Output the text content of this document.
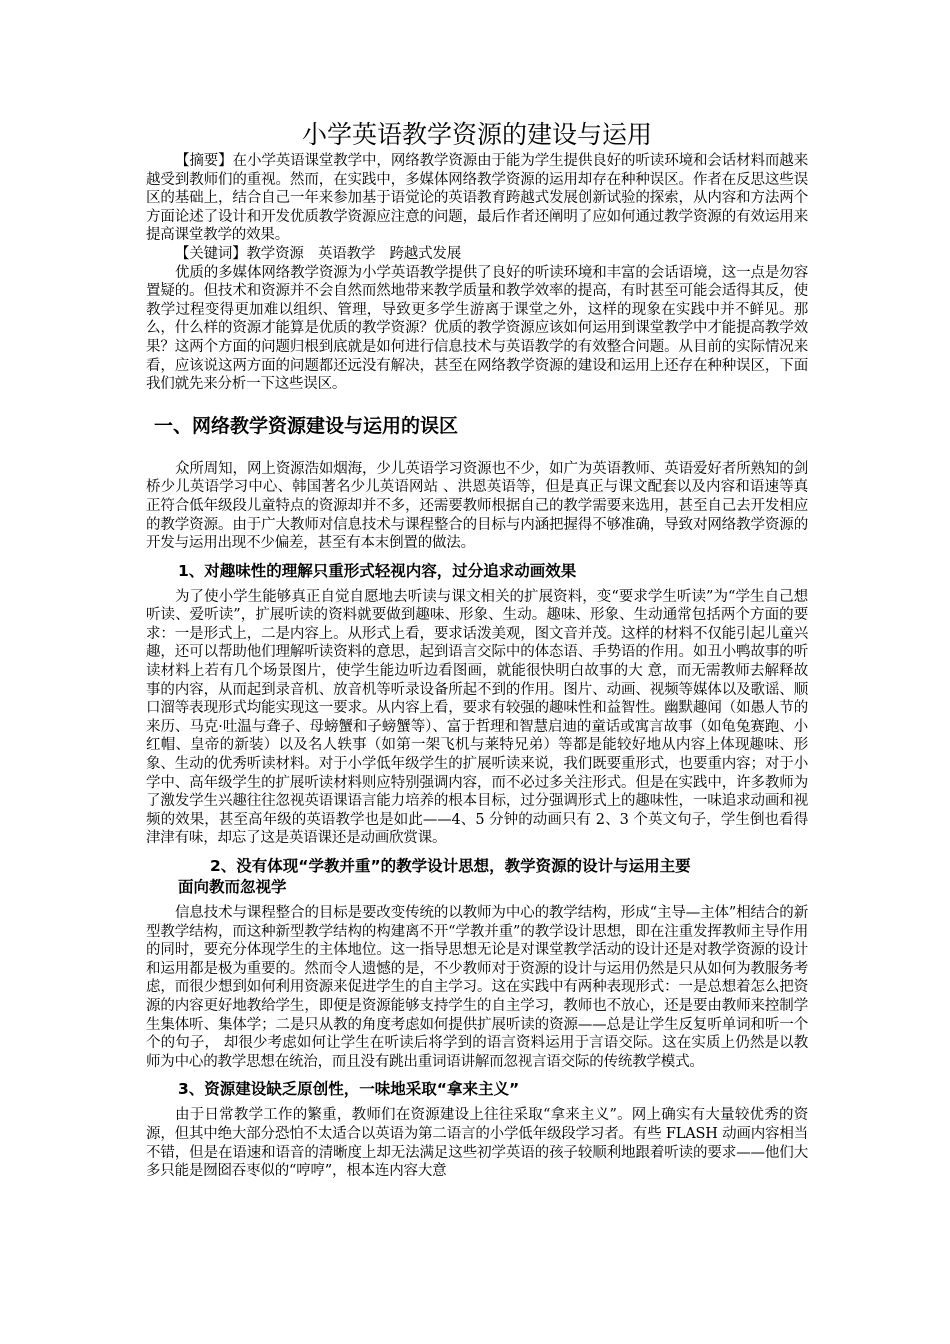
小学英语教学资源的建设与运用

【摘要】在小学英语课堂教学中，网络教学资源由于能为学生提供良好的听读环境和会话材料而越来越受到教师们的重视。然而，在实践中，多媒体网络教学资源的运用却存在种种误区。作者在反思这些误区的基础上，结合自己一年来参加基于语觉论的英语教育跨越式发展创新试验的探索，从内容和方法两个方面论述了设计和开发优质教学资源应注意的问题，最后作者还阐明了应如何通过教学资源的有效运用来提高课堂教学的效果。

【关键词】教学资源　英语教学　跨越式发展

优质的多媒体网络教学资源为小学英语教学提供了良好的听读环境和丰富的会话语境，这一点是勿容置疑的。但技术和资源并不会自然而然地带来教学质量和教学效率的提高，有时甚至可能会适得其反，使教学过程变得更加难以组织、管理，导致更多学生游离于课堂之外，这样的现象在实践中并不鲜见。那么，什么样的资源才能算是优质的教学资源？优质的教学资源应该如何运用到课堂教学中才能提高教学效果？这两个方面的问题归根到底就是如何进行信息技术与英语教学的有效整合问题。从目前的实际情况来看，应该说这两方面的问题都还远没有解决，甚至在网络教学资源的建设和运用上还存在种种误区，下面我们就先来分析一下这些误区。

一、网络教学资源建设与运用的误区

众所周知，网上资源浩如烟海，少儿英语学习资源也不少，如广为英语教师、英语爱好者所熟知的剑桥少儿英语学习中心、韩国著名少儿英语网站 、洪恩英语等，但是真正与课文配套以及内容和语速等真正符合低年级段儿童特点的资源却并不多，还需要教师根据自己的教学需要来选用，甚至自己去开发相应的教学资源。由于广大教师对信息技术与课程整合的目标与内涵把握得不够准确，导致对网络教学资源的开发与运用出现不少偏差，甚至有本末倒置的做法。

1、对趣味性的理解只重形式轻视内容，过分追求动画效果

为了使小学生能够真正自觉自愿地去听读与课文相关的扩展资料，变“要求学生听读”为“学生自己想听读、爱听读”，扩展听读的资料就要做到趣味、形象、生动。趣味、形象、生动通常包括两个方面的要求：一是形式上，二是内容上。从形式上看，要求话泼美观，图文音并茂。这样的材料不仅能引起儿童兴趣，还可以帮助他们理解听读资料的意思，起到语言交际中的体态语、手势语的作用。如丑小鸭故事的听读材料上若有几个场景图片，使学生能边听边看图画，就能很快明白故事的大 意，而无需教师去解释故事的内容，从而起到录音机、放音机等听录设备所起不到的作用。图片、动画、视频等媒体以及歌谣、顺口溜等表现形式均能实现这一要求。从内容上看，要求有较强的趣味性和益智性。幽默趣闻（如愚人节的来历、马克·吐温与聋子、母螃蟹和子螃蟹等）、富于哲理和智慧启迪的童话或寓言故事（如龟兔赛跑、小红帽、皇帝的新装）以及名人轶事（如第一架飞机与莱特兄弟）等都是能较好地从内容上体现趣味、形象、生动的优秀听读材料。对于小学低年级学生的扩展听读来说，我们既要重形式，也要重内容；对于小学中、高年级学生的扩展听读材料则应特别强调内容，而不必过多关注形式。但是在实践中，许多教师为了激发学生兴趣往往忽视英语课语言能力培养的根本目标，过分强调形式上的趣味性，一味追求动画和视频的效果，甚至高年级的英语教学也是如此——4、5 分钟的动画只有 2、3 个英文句子，学生倒也看得津津有味，却忘了这是英语课还是动画欣赏课。

2、没有体现“学教并重”的教学设计思想，教学资源的设计与运用主要
面向教而忽视学

信息技术与课程整合的目标是要改变传统的以教师为中心的教学结构，形成“主导—主体”相结合的新型教学结构，而这种新型教学结构的构建离不开“学教并重”的教学设计思想，即在注重发挥教师主导作用的同时，要充分体现学生的主体地位。这一指导思想无论是对课堂教学活动的设计还是对教学资源的设计和运用都是极为重要的。然而令人遗憾的是，不少教师对于资源的设计与运用仍然是只从如何为教服务考虑，而很少想到如何利用资源来促进学生的自主学习。这在实践中有两种表现形式：一是总想着怎么把资源的内容更好地教给学生，即便是资源能够支持学生的自主学习，教师也不放心，还是要由教师来控制学生集体听、集体学；二是只从教的角度考虑如何提供扩展听读的资源——总是让学生反复听单词和听一个个的句子， 却很少考虑如何让学生在听读后将学到的语言资料运用于言语交际。这在实质上仍然是以教师为中心的教学思想在统治，而且没有跳出重词语讲解而忽视言语交际的传统教学模式。

3、资源建设缺乏原创性，一味地采取“拿来主义”

由于日常教学工作的繁重，教师们在资源建设上往往采取“拿来主义”。网上确实有大量较优秀的资源，但其中绝大部分恐怕不太适合以英语为第二语言的小学低年级段学习者。有些 FLASH 动画内容相当不错，但是在语速和语音的清晰度上却无法满足这些初学英语的孩子较顺利地跟着听读的要求——他们大多只能是囫囵吞枣似的“哼哼”，根本连内容大意
